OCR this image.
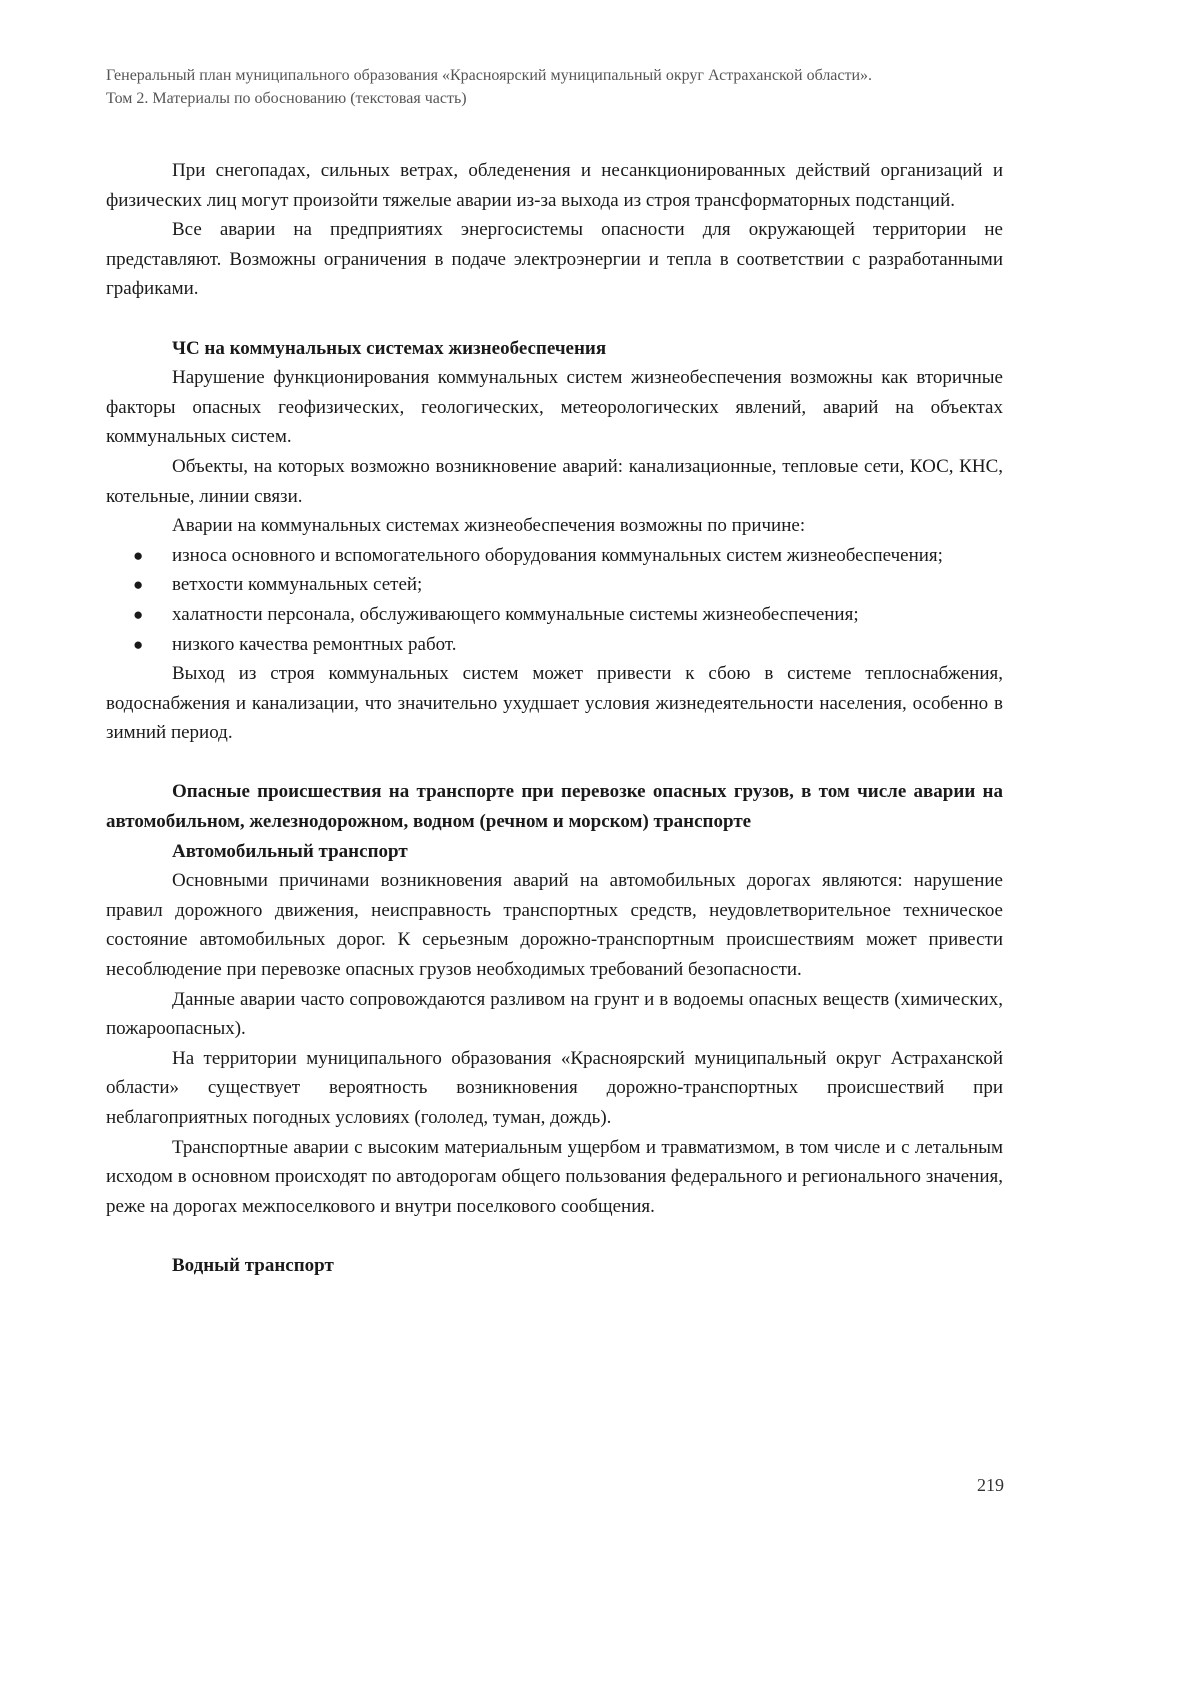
Генеральный план муниципального образования «Красноярский муниципальный округ Астраханской области».
Том 2. Материалы по обоснованию (текстовая часть)

При снегопадах, сильных ветрах, обледенения и несанкционированных действий организаций и физических лиц могут произойти тяжелые аварии из-за выхода из строя трансформаторных подстанций.

Все аварии на предприятиях энергосистемы опасности для окружающей территории не представляют. Возможны ограничения в подаче электроэнергии и тепла в соответствии с разработанными графиками.

ЧС на коммунальных системах жизнеобеспечения

Нарушение функционирования коммунальных систем жизнеобеспечения возможны как вторичные факторы опасных геофизических, геологических, метеорологических явлений, аварий на объектах коммунальных систем.

Объекты, на которых возможно возникновение аварий: канализационные, тепловые сети, КОС, КНС, котельные, линии связи.

Аварии на коммунальных системах жизнеобеспечения возможны по причине:

● износа основного и вспомогательного оборудования коммунальных систем жизнеобеспечения;
● ветхости коммунальных сетей;
● халатности персонала, обслуживающего коммунальные системы жизнеобеспечения;
● низкого качества ремонтных работ.

Выход из строя коммунальных систем может привести к сбою в системе теплоснабжения, водоснабжения и канализации, что значительно ухудшает условия жизнедеятельности населения, особенно в зимний период.

Опасные происшествия на транспорте при перевозке опасных грузов, в том числе аварии на автомобильном, железнодорожном, водном (речном и морском) транспорте
Автомобильный транспорт

Основными причинами возникновения аварий на автомобильных дорогах являются: нарушение правил дорожного движения, неисправность транспортных средств, неудовлетворительное техническое состояние автомобильных дорог. К серьезным дорожно-транспортным происшествиям может привести несоблюдение при перевозке опасных грузов необходимых требований безопасности.

Данные аварии часто сопровождаются разливом на грунт и в водоемы опасных веществ (химических, пожароопасных).

На территории муниципального образования «Красноярский муниципальный округ Астраханской области» существует вероятность возникновения дорожно-транспортных происшествий при неблагоприятных погодных условиях (гололед, туман, дождь).

Транспортные аварии с высоким материальным ущербом и травматизмом, в том числе и с летальным исходом в основном происходят по автодорогам общего пользования федерального и регионального значения, реже на дорогах межпоселкового и внутри поселкового сообщения.

Водный транспорт
219
